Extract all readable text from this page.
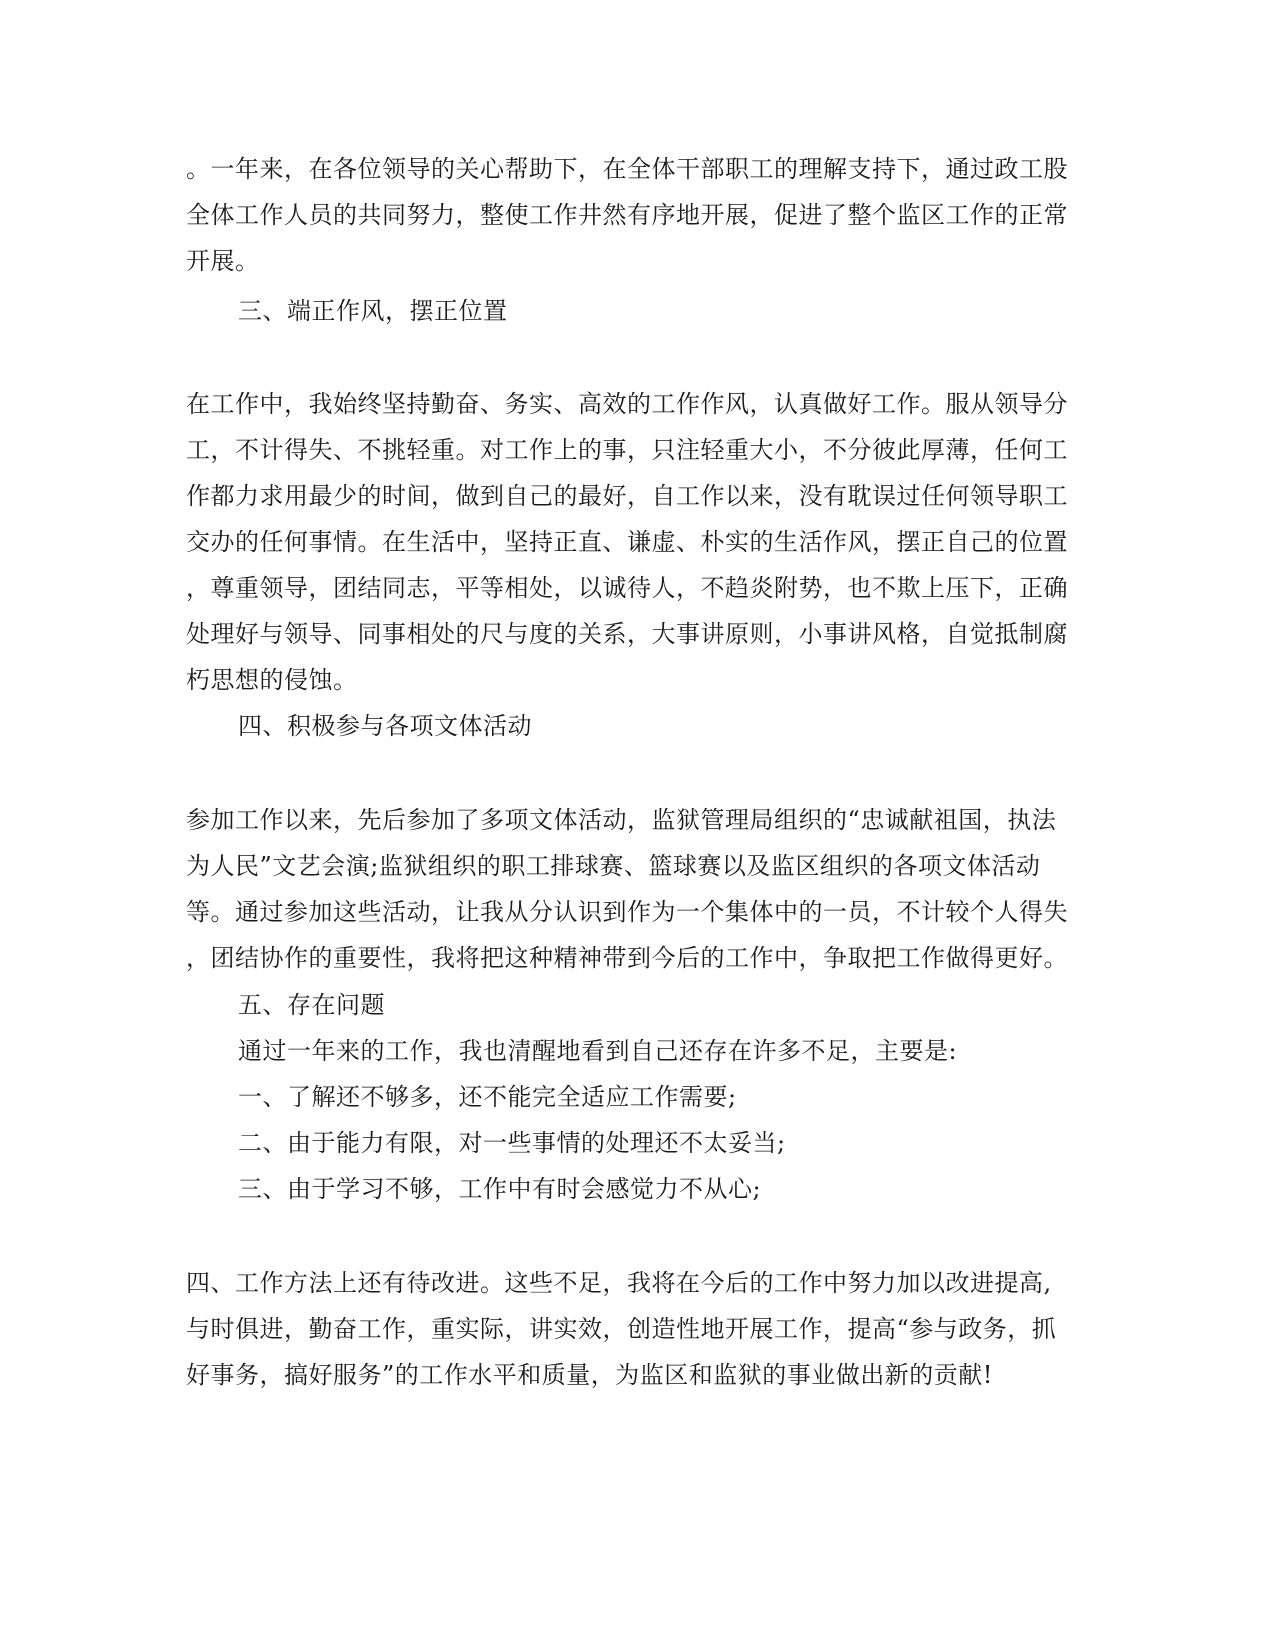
。一年来，在各位领导的关心帮助下，在全体干部职工的理解支持下，通过政工股
全体工作人员的共同努力，整使工作井然有序地开展，促进了整个监区工作的正常
开展。

三、端正作风，摆正位置

在工作中，我始终坚持勤奋、务实、高效的工作作风，认真做好工作。服从领导分
工，不计得失、不挑轻重。对工作上的事，只注轻重大小，不分彼此厚薄，任何工
作都力求用最少的时间，做到自己的最好，自工作以来，没有耽误过任何领导职工
交办的任何事情。在生活中，坚持正直、谦虚、朴实的生活作风，摆正自己的位置
，尊重领导，团结同志，平等相处，以诚待人，不趋炎附势，也不欺上压下，正确
处理好与领导、同事相处的尺与度的关系，大事讲原则，小事讲风格，自觉抵制腐
朽思想的侵蚀。

四、积极参与各项文体活动

参加工作以来，先后参加了多项文体活动，监狱管理局组织的“忠诚献祖国，执法
为人民”文艺会演;监狱组织的职工排球赛、篮球赛以及监区组织的各项文体活动
等。通过参加这些活动，让我从分认识到作为一个集体中的一员，不计较个人得失
，团结协作的重要性，我将把这种精神带到今后的工作中，争取把工作做得更好。

五、存在问题

通过一年来的工作，我也清醒地看到自己还存在许多不足，主要是:

一、了解还不够多，还不能完全适应工作需要;

二、由于能力有限，对一些事情的处理还不太妥当;

三、由于学习不够，工作中有时会感觉力不从心;

四、工作方法上还有待改进。这些不足，我将在今后的工作中努力加以改进提高,
与时俱进，勤奋工作，重实际，讲实效，创造性地开展工作，提高“参与政务，抓
好事务，搞好服务”的工作水平和质量，为监区和监狱的事业做出新的贡献!
